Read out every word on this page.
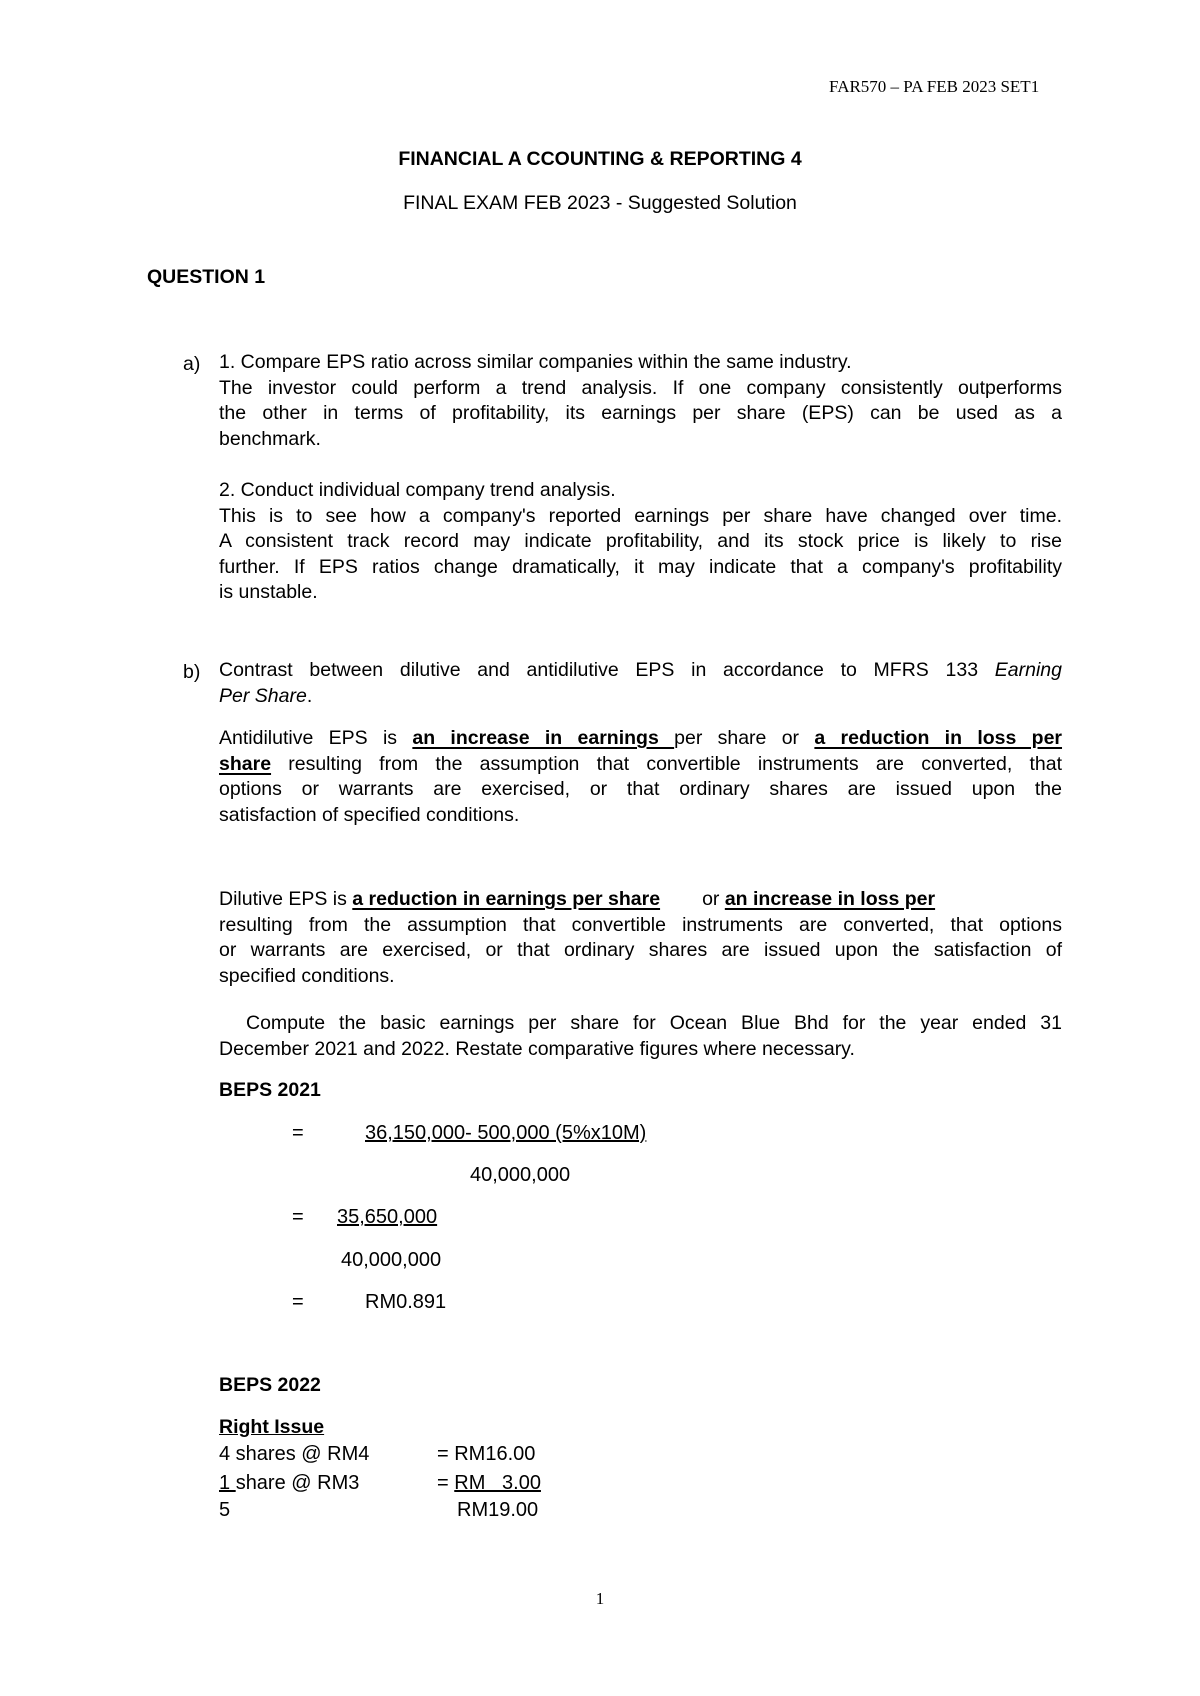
FAR570 – PA FEB 2023 SET1
FINANCIAL A CCOUNTING & REPORTING 4
FINAL EXAM FEB 2023 - Suggested Solution
QUESTION 1
a) 1. Compare EPS ratio across similar companies within the same industry.
The investor could perform a trend analysis. If one company consistently outperforms
the other in terms of profitability, its earnings per share (EPS) can be used as a
benchmark.
2. Conduct individual company trend analysis.
This is to see how a company's reported earnings per share have changed over time.
A consistent track record may indicate profitability, and its stock price is likely to rise
further. If EPS ratios change dramatically, it may indicate that a company's profitability
is unstable.
b) Contrast between dilutive and antidilutive EPS in accordance to MFRS 133 Earning
Per Share.
Antidilutive EPS is an increase in earnings per share or a reduction in loss per
share resulting from the assumption that convertible instruments are converted, that
options or warrants are exercised, or that ordinary shares are issued upon the
satisfaction of specified conditions.
Dilutive EPS is a reduction in earnings per share or an increase in loss per
resulting from the assumption that convertible instruments are converted, that options
or warrants are exercised, or that ordinary shares are issued upon the satisfaction of
specified conditions.
Compute the basic earnings per share for Ocean Blue Bhd for the year ended 31
December 2021 and 2022. Restate comparative figures where necessary.
BEPS 2021
=	36,150,000- 500,000 (5%x10M)
40,000,000
= 35,650,000
40,000,000
=	RM0.891
BEPS 2022
Right Issue
4 shares @ RM4	= RM16.00
1 share @ RM3	= RM   3.00
5	RM19.00
1
